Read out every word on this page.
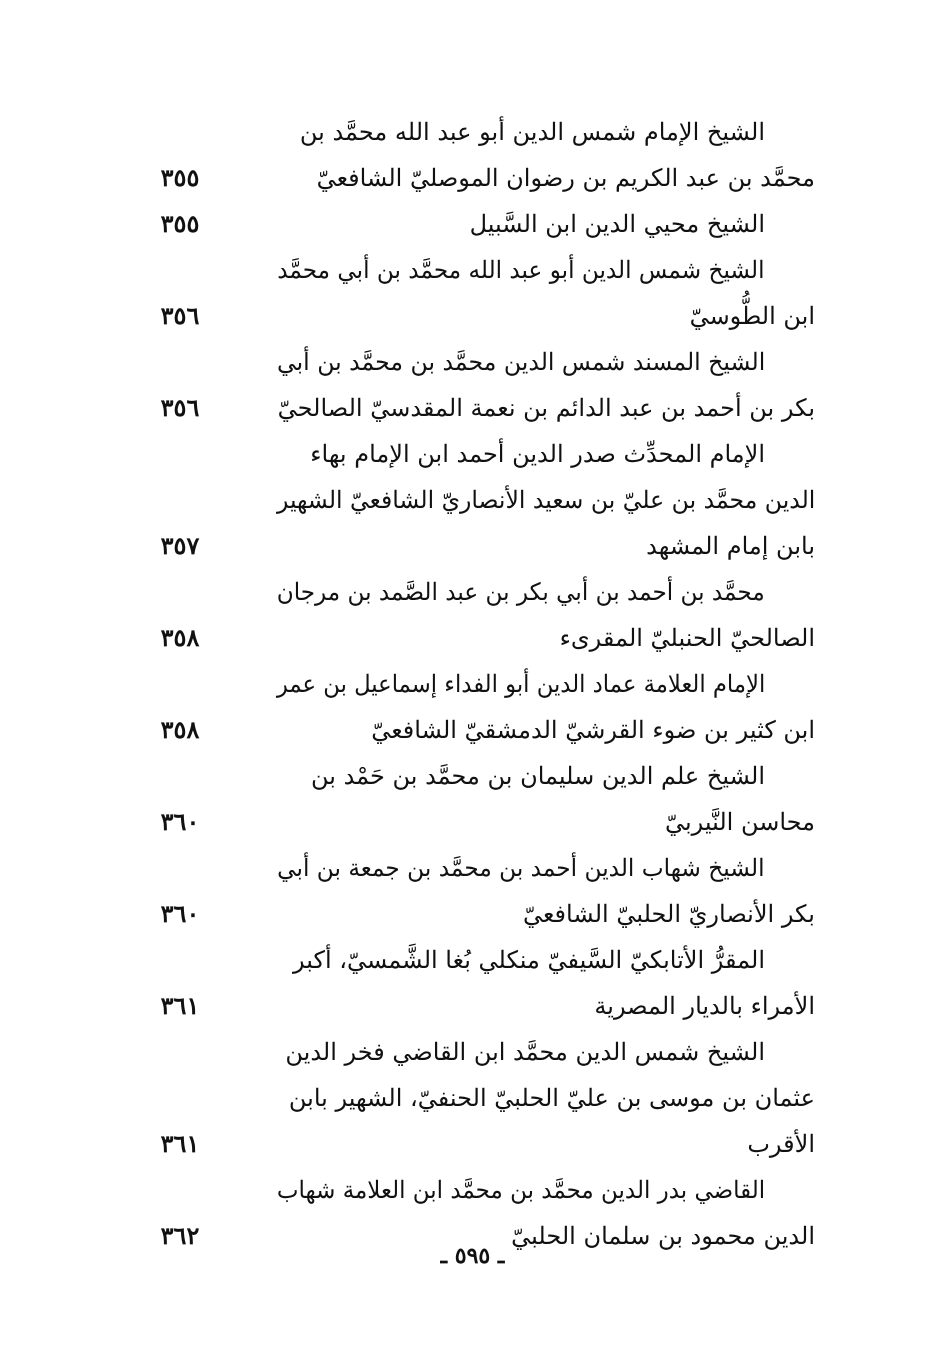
الشيخ الإمام شمس الدين أبو عبد الله محمَّد بن
محمَّد بن عبد الكريم بن رضوان الموصليّ الشافعيّ
٣٥٥
الشيخ محيي الدين ابن السَّبيل
٣٥٥
الشيخ شمس الدين أبو عبد الله محمَّد بن أبي محمَّد
ابن الطُّوسيّ
٣٥٦
الشيخ المسند شمس الدين محمَّد بن محمَّد بن أبي
بكر بن أحمد بن عبد الدائم بن نعمة المقدسيّ الصالحيّ
٣٥٦
الإمام المحدِّث صدر الدين أحمد ابن الإمام بهاء
الدين محمَّد بن عليّ بن سعيد الأنصاريّ الشافعيّ الشهير
بابن إمام المشهد
٣٥٧
محمَّد بن أحمد بن أبي بكر بن عبد الصَّمد بن مرجان
الصالحيّ الحنبليّ المقرىء
٣٥٨
الإمام العلامة عماد الدين أبو الفداء إسماعيل بن عمر
ابن كثير بن ضوء القرشيّ الدمشقيّ الشافعيّ
٣٥٨
الشيخ علم الدين سليمان بن محمَّد بن حَمْد بن
محاسن النَّيربيّ
٣٦٠
الشيخ شهاب الدين أحمد بن محمَّد بن جمعة بن أبي
بكر الأنصاريّ الحلبيّ الشافعيّ
٣٦٠
المقرُّ الأتابكيّ السَّيفيّ منكلي بُغا الشَّمسيّ، أكبر
الأمراء بالديار المصرية
٣٦١
الشيخ شمس الدين محمَّد ابن القاضي فخر الدين
عثمان بن موسى بن عليّ الحلبيّ الحنفيّ، الشهير بابن
الأقرب
٣٦١
القاضي بدر الدين محمَّد بن محمَّد ابن العلامة شهاب
الدين محمود بن سلمان الحلبيّ
٣٦٢
ـ ٥٩٥ ـ
